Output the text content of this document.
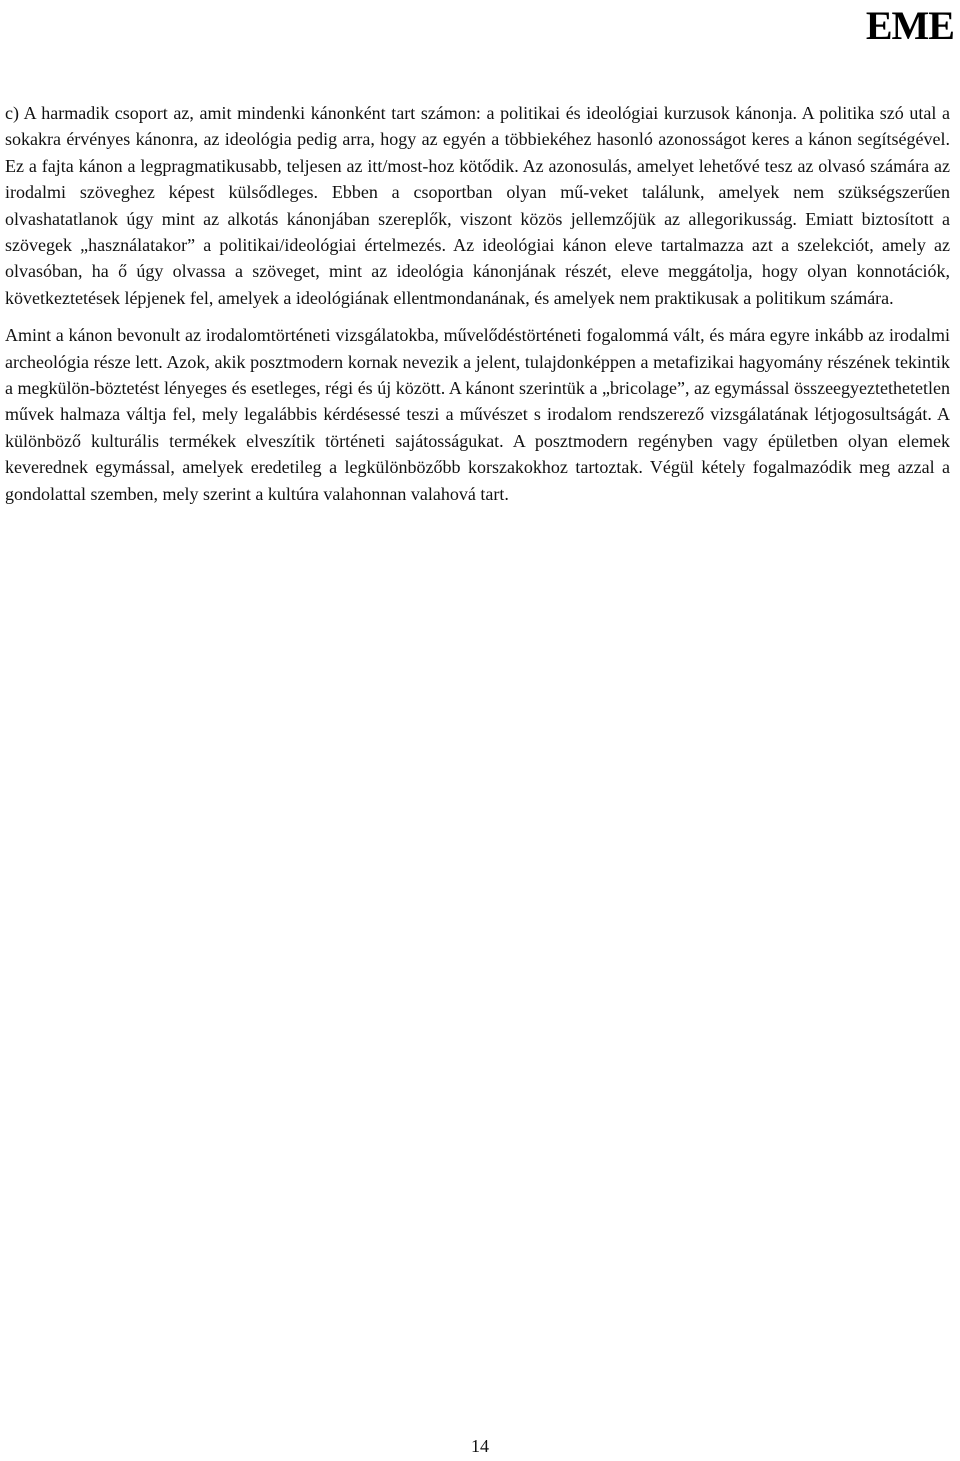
EME

c) A harmadik csoport az, amit mindenki kánonként tart számon: a politikai és ideológiai kurzusok kánonja. A politika szó utal a sokakra érvényes kánonra, az ideológia pedig arra, hogy az egyén a többiekéhez hasonló azonosságot keres a kánon segítségével. Ez a fajta kánon a legpragmatikusabb, teljesen az itt/most-hoz kötődik. Az azonosulás, amelyet lehetővé tesz az olvasó számára az irodalmi szöveghez képest külsődleges. Ebben a csoportban olyan mű-veket találunk, amelyek nem szükségszerűen olvashatatlanok úgy mint az alkotás kánonjában szereplők, viszont közös jellemzőjük az allegorikusság. Emiatt biztosított a szövegek „használatakor” a politikai/ideológiai értelmezés. Az ideológiai kánon eleve tartalmazza azt a szelekciót, amely az olvasóban, ha ő úgy olvassa a szöveget, mint az ideológia kánonjának részét, eleve meggátolja, hogy olyan konnotációk, következtetések lépjenek fel, amelyek a ideológiának ellentmondanának, és amelyek nem praktikusak a politikum számára.

Amint a kánon bevonult az irodalomtörténeti vizsgálatokba, művelődéstörténeti fogalommá vált, és mára egyre inkább az irodalmi archeológia része lett. Azok, akik posztmodern kornak nevezik a jelent, tulajdonképpen a metafizikai hagyomány részének tekintik a megkülön-böztetést lényeges és esetleges, régi és új között. A kánont szerintük a „bricolage”, az egymással összeegyeztethetetlen művek halmaza váltja fel, mely legalábbis kérdésessé teszi a művészet s irodalom rendszerező vizsgálatának létjogosultságát. A különböző kulturális termékek elveszítik történeti sajátosságukat. A posztmodern regényben vagy épületben olyan elemek keverednek egymással, amelyek eredetileg a legkülönbözőbb korszakokhoz tartoztak. Végül kétely fogalmazódik meg azzal a gondolattal szemben, mely szerint a kultúra valahonnan valahová tart.

14
